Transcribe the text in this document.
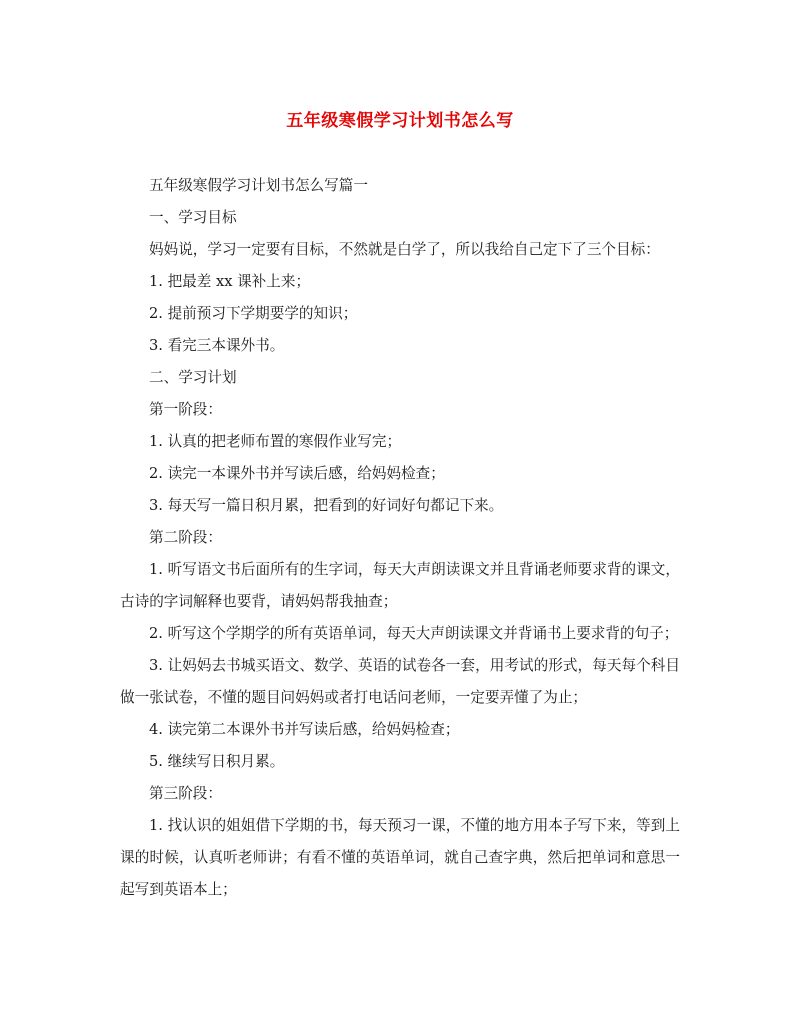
五年级寒假学习计划书怎么写

五年级寒假学习计划书怎么写篇一

一、学习目标

妈妈说，学习一定要有目标，不然就是白学了，所以我给自己定下了三个目标：

1. 把最差 xx 课补上来；

2. 提前预习下学期要学的知识；

3. 看完三本课外书。

二、学习计划

第一阶段：

1. 认真的把老师布置的寒假作业写完；

2. 读完一本课外书并写读后感，给妈妈检查；

3. 每天写一篇日积月累，把看到的好词好句都记下来。

第二阶段：

1. 听写语文书后面所有的生字词，每天大声朗读课文并且背诵老师要求背的课文，古诗的字词解释也要背，请妈妈帮我抽查；

2. 听写这个学期学的所有英语单词，每天大声朗读课文并背诵书上要求背的句子；

3. 让妈妈去书城买语文、数学、英语的试卷各一套，用考试的形式，每天每个科目做一张试卷，不懂的题目问妈妈或者打电话问老师，一定要弄懂了为止；

4. 读完第二本课外书并写读后感，给妈妈检查；

5. 继续写日积月累。

第三阶段：

1. 找认识的姐姐借下学期的书，每天预习一课，不懂的地方用本子写下来，等到上课的时候，认真听老师讲；有看不懂的英语单词，就自己查字典，然后把单词和意思一起写到英语本上；
